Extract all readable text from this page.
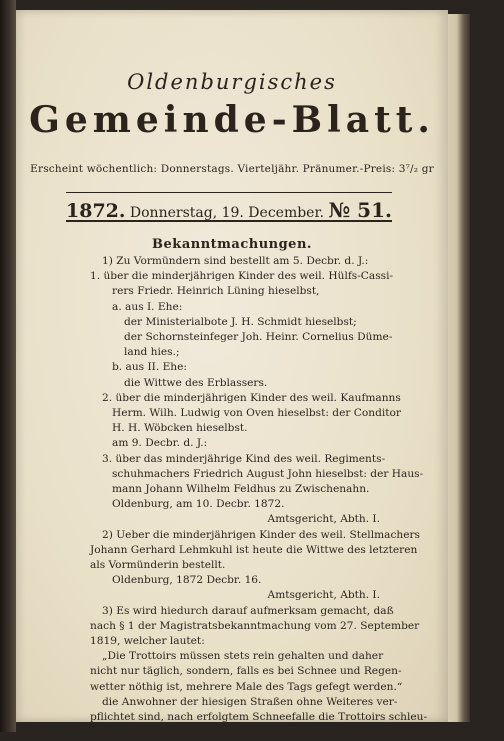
Oldenburgisches
Gemeinde-Blatt.
Erscheint wöchentlich: Donnerstags. Vierteljähr. Pränumer.-Preis: 3⁷/₂ gr
1872. Donnerstag, 19. December. № 51.
Bekanntmachungen.
1) Zu Vormündern sind bestellt am 5. Decbr. d. J.:
1. über die minderjährigen Kinder des weil. Hülfs-Cassi-
rers Friedr. Heinrich Lüning hieselbst,
a. aus I. Ehe:
der Ministerialbote J. H. Schmidt hieselbst;
der Schornsteinfeger Joh. Heinr. Cornelius Düme-
land hies.;
b. aus II. Ehe:
die Wittwe des Erblassers.
2. über die minderjährigen Kinder des weil. Kaufmanns
Herm. Wilh. Ludwig von Oven hieselbst: der Conditor
H. H. Wöbcken hieselbst.
am 9. Decbr. d. J.:
3. über das minderjährige Kind des weil. Regiments-
schuhmachers Friedrich August John hieselbst: der Haus-
mann Johann Wilhelm Feldhus zu Zwischenahn.
Oldenburg, am 10. Decbr. 1872.
Amtsgericht, Abth. I.
2) Ueber die minderjährigen Kinder des weil. Stellmachers
Johann Gerhard Lehmkuhl ist heute die Wittwe des letzteren
als Vormünderin bestellt.
Oldenburg, 1872 Decbr. 16.
Amtsgericht, Abth. I.
3) Es wird hiedurch darauf aufmerksam gemacht, daß
nach § 1 der Magistratsbekanntmachung vom 27. September
1819, welcher lautet:
„Die Trottoirs müssen stets rein gehalten und daher
nicht nur täglich, sondern, falls es bei Schnee und Regen-
wetter nöthig ist, mehrere Male des Tags gefegt werden.“
die Anwohner der hiesigen Straßen ohne Weiteres ver-
pflichtet sind, nach erfolgtem Schneefalle die Trottoirs schleu-
nigst von Schnee reinigen zu lassen, und daß in diesem Falle
